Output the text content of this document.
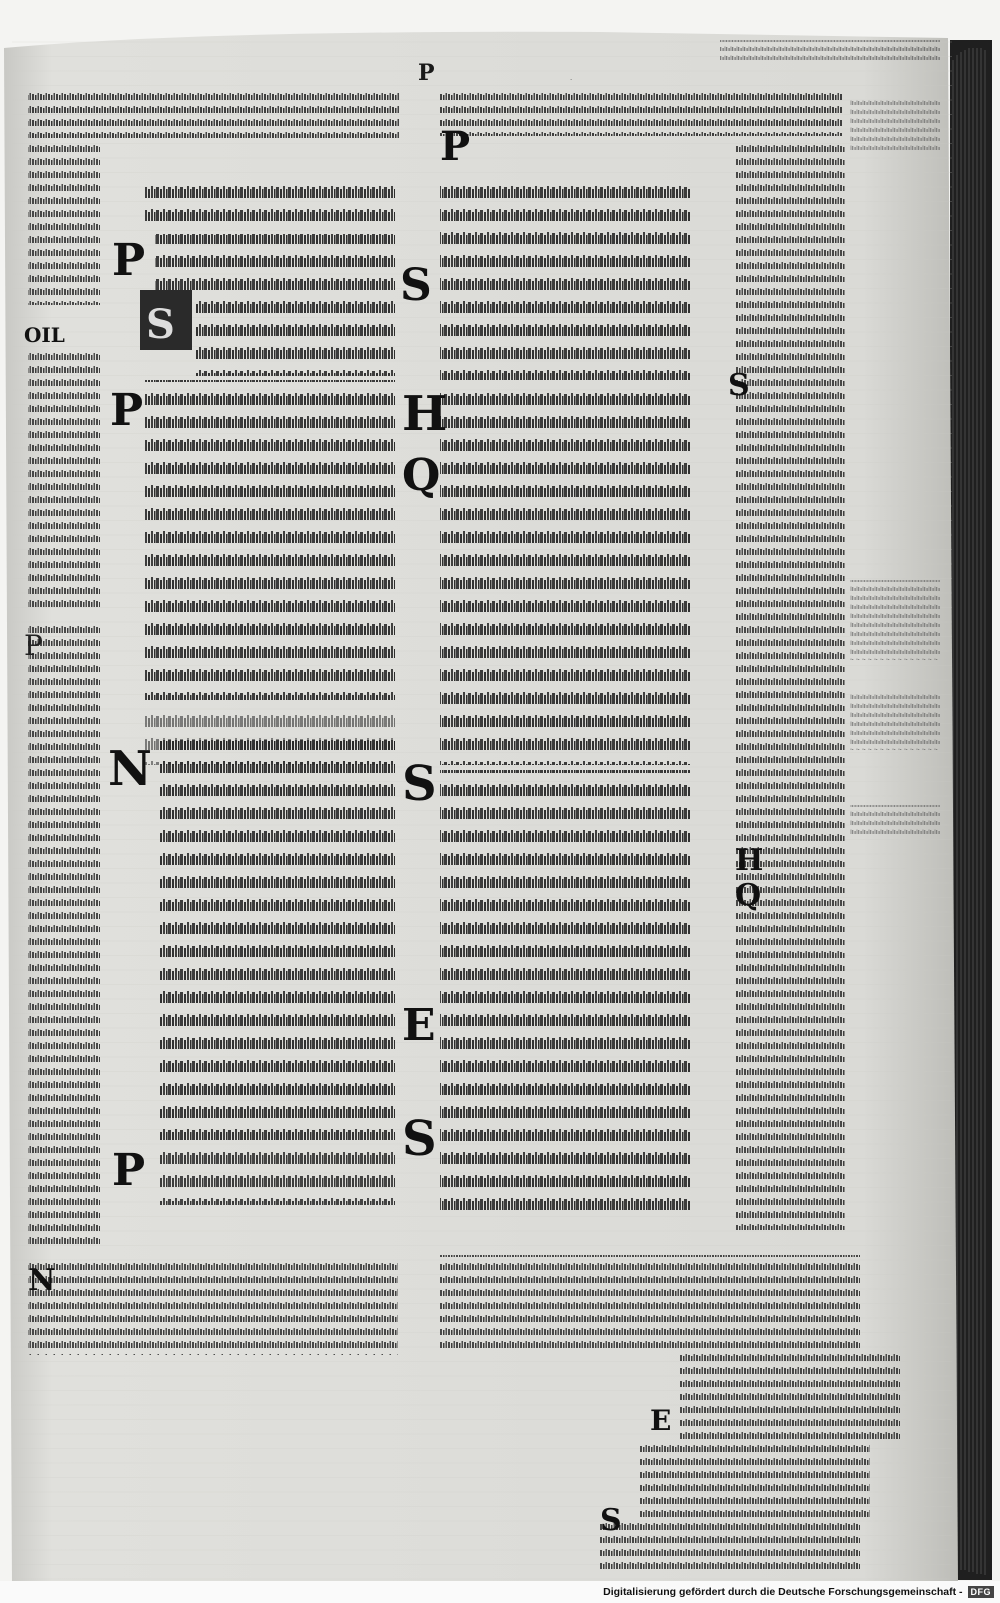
P	·
OIL
P
P
S
P
N
P
P
S
H
Q
S
E
S
S
H
Q
E
S
N
Digitalisierung gefördert durch die Deutsche Forschungsgemeinschaft - DFG
